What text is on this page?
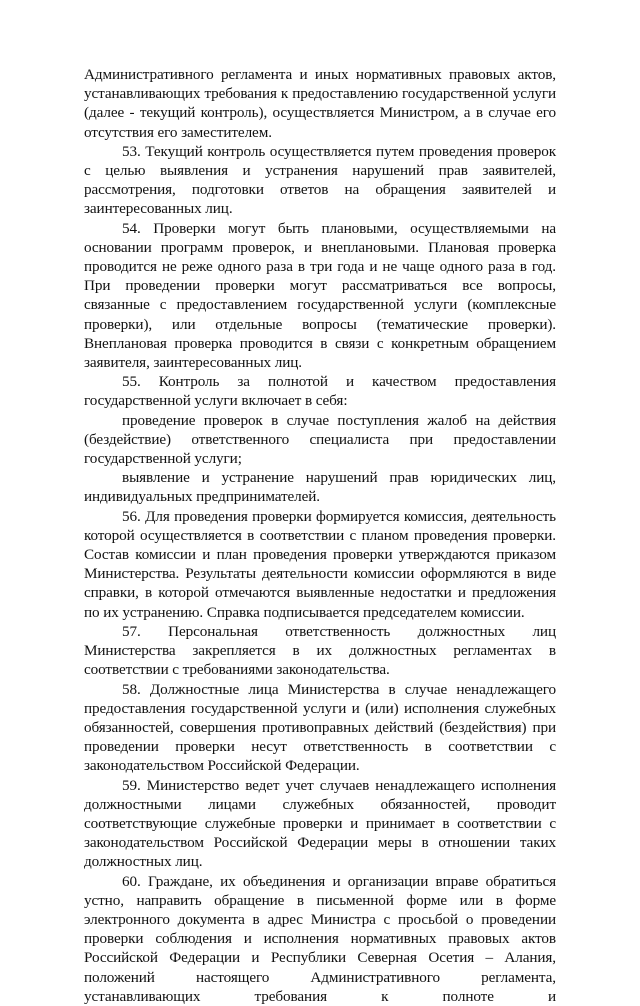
Административного регламента и иных нормативных правовых актов, устанавливающих требования к предоставлению государственной услуги (далее - текущий контроль), осуществляется Министром, а в случае его отсутствия его заместителем.

53. Текущий контроль осуществляется путем проведения проверок с целью выявления и устранения нарушений прав заявителей, рассмотрения, подготовки ответов на обращения заявителей и заинтересованных лиц.

54. Проверки могут быть плановыми, осуществляемыми на основании программ проверок, и внеплановыми. Плановая проверка проводится не реже одного раза в три года и не чаще одного раза в год. При проведении проверки могут рассматриваться все вопросы, связанные с предоставлением государственной услуги (комплексные проверки), или отдельные вопросы (тематические проверки). Внеплановая проверка проводится в связи с конкретным обращением заявителя, заинтересованных лиц.

55. Контроль за полнотой и качеством предоставления государственной услуги включает в себя:

проведение проверок в случае поступления жалоб на действия (бездействие) ответственного специалиста при предоставлении государственной услуги;

выявление и устранение нарушений прав юридических лиц, индивидуальных предпринимателей.

56. Для проведения проверки формируется комиссия, деятельность которой осуществляется в соответствии с планом проведения проверки. Состав комиссии и план проведения проверки утверждаются приказом Министерства. Результаты деятельности комиссии оформляются в виде справки, в которой отмечаются выявленные недостатки и предложения по их устранению. Справка подписывается председателем комиссии.

57. Персональная ответственность должностных лиц Министерства закрепляется в их должностных регламентах в соответствии с требованиями законодательства.

58. Должностные лица Министерства в случае ненадлежащего предоставления государственной услуги и (или) исполнения служебных обязанностей, совершения противоправных действий (бездействия) при проведении проверки несут ответственность в соответствии с законодательством Российской Федерации.

59. Министерство ведет учет случаев ненадлежащего исполнения должностными лицами служебных обязанностей, проводит соответствующие служебные проверки и принимает в соответствии с законодательством Российской Федерации меры в отношении таких должностных лиц.

60. Граждане, их объединения и организации вправе обратиться устно, направить обращение в письменной форме или в форме электронного документа в адрес Министра с просьбой о проведении проверки соблюдения и исполнения нормативных правовых актов Российской Федерации и Республики Северная Осетия – Алания, положений настоящего Административного регламента, устанавливающих требования к полноте и
